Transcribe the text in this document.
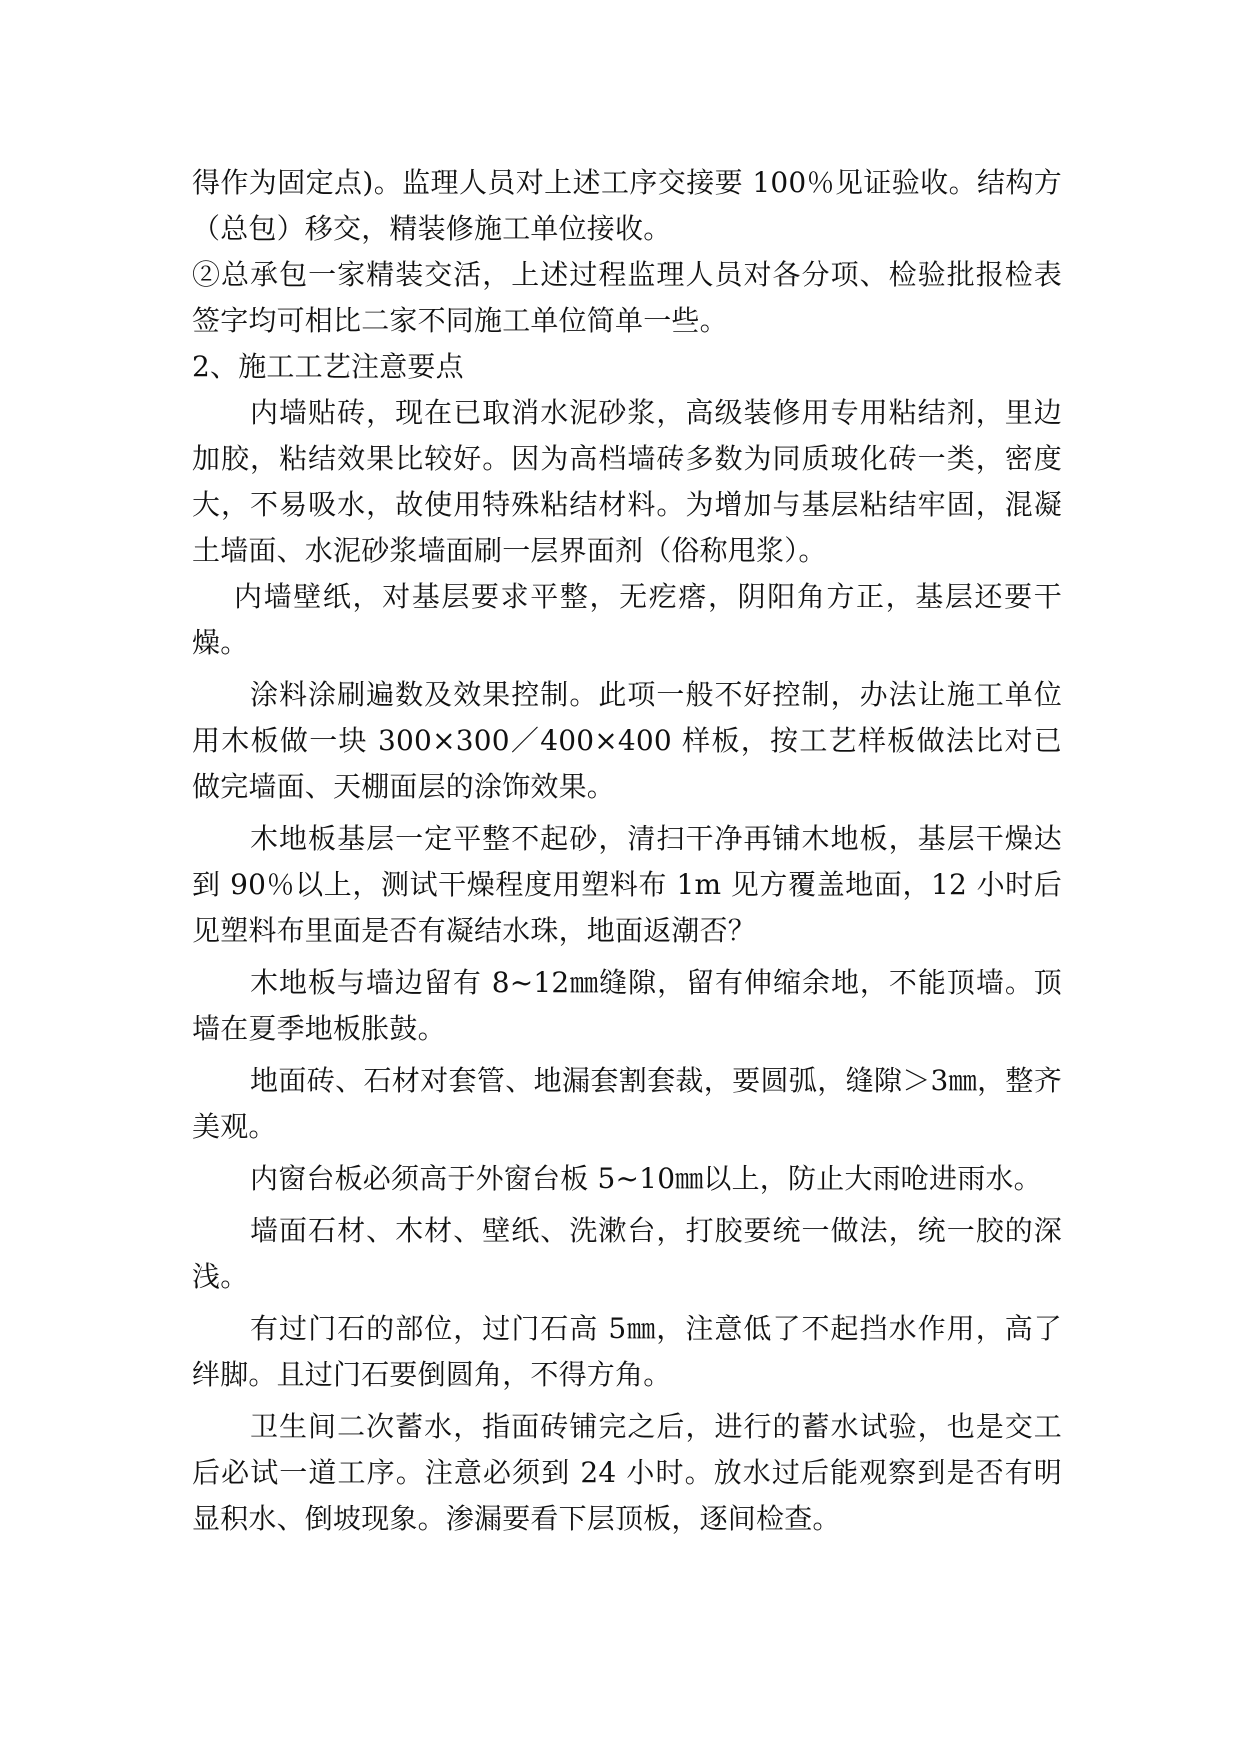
得作为固定点)。监理人员对上述工序交接要 100％见证验收。结构方（总包）移交，精装修施工单位接收。

②总承包一家精装交活，上述过程监理人员对各分项、检验批报检表签字均可相比二家不同施工单位简单一些。

2、施工工艺注意要点

内墙贴砖，现在已取消水泥砂浆，高级装修用专用粘结剂，里边加胶，粘结效果比较好。因为高档墙砖多数为同质玻化砖一类，密度大，不易吸水，故使用特殊粘结材料。为增加与基层粘结牢固，混凝土墙面、水泥砂浆墙面刷一层界面剂（俗称甩浆）。

内墙壁纸，对基层要求平整，无疙瘩，阴阳角方正，基层还要干燥。

涂料涂刷遍数及效果控制。此项一般不好控制，办法让施工单位用木板做一块 300×300／400×400 样板，按工艺样板做法比对已做完墙面、天棚面层的涂饰效果。

木地板基层一定平整不起砂，清扫干净再铺木地板，基层干燥达到 90％以上，测试干燥程度用塑料布 1m 见方覆盖地面，12 小时后见塑料布里面是否有凝结水珠，地面返潮否？

木地板与墙边留有 8~12㎜缝隙，留有伸缩余地，不能顶墙。顶墙在夏季地板胀鼓。

地面砖、石材对套管、地漏套割套裁，要圆弧，缝隙＞3㎜，整齐美观。

内窗台板必须高于外窗台板 5~10㎜以上，防止大雨呛进雨水。

墙面石材、木材、壁纸、洗漱台，打胶要统一做法，统一胶的深浅。

有过门石的部位，过门石高 5㎜，注意低了不起挡水作用，高了绊脚。且过门石要倒圆角，不得方角。

卫生间二次蓄水，指面砖铺完之后，进行的蓄水试验，也是交工后必试一道工序。注意必须到 24 小时。放水过后能观察到是否有明显积水、倒坡现象。渗漏要看下层顶板，逐间检查。
